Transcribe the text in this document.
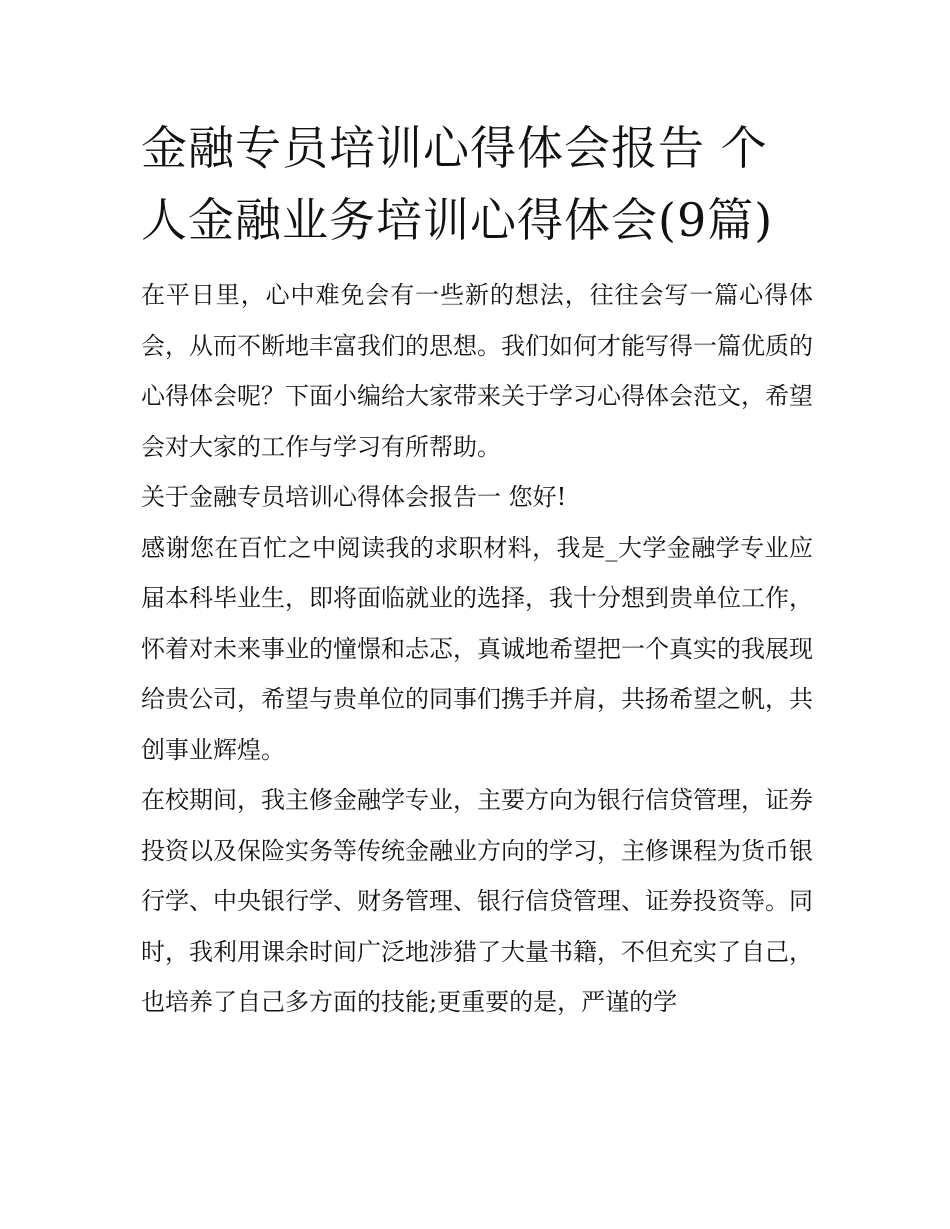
金融专员培训心得体会报告 个人金融业务培训心得体会(9篇)

在平日里，心中难免会有一些新的想法，往往会写一篇心得体会，从而不断地丰富我们的思想。我们如何才能写得一篇优质的心得体会呢？下面小编给大家带来关于学习心得体会范文，希望会对大家的工作与学习有所帮助。

关于金融专员培训心得体会报告一 您好!

感谢您在百忙之中阅读我的求职材料，我是_大学金融学专业应届本科毕业生，即将面临就业的选择，我十分想到贵单位工作，怀着对未来事业的憧憬和忐忑，真诚地希望把一个真实的我展现给贵公司，希望与贵单位的同事们携手并肩，共扬希望之帆，共创事业辉煌。

在校期间，我主修金融学专业，主要方向为银行信贷管理，证券投资以及保险实务等传统金融业方向的学习，主修课程为货币银行学、中央银行学、财务管理、银行信贷管理、证券投资等。同时，我利用课余时间广泛地涉猎了大量书籍，不但充实了自己，也培养了自己多方面的技能;更重要的是，严谨的学
